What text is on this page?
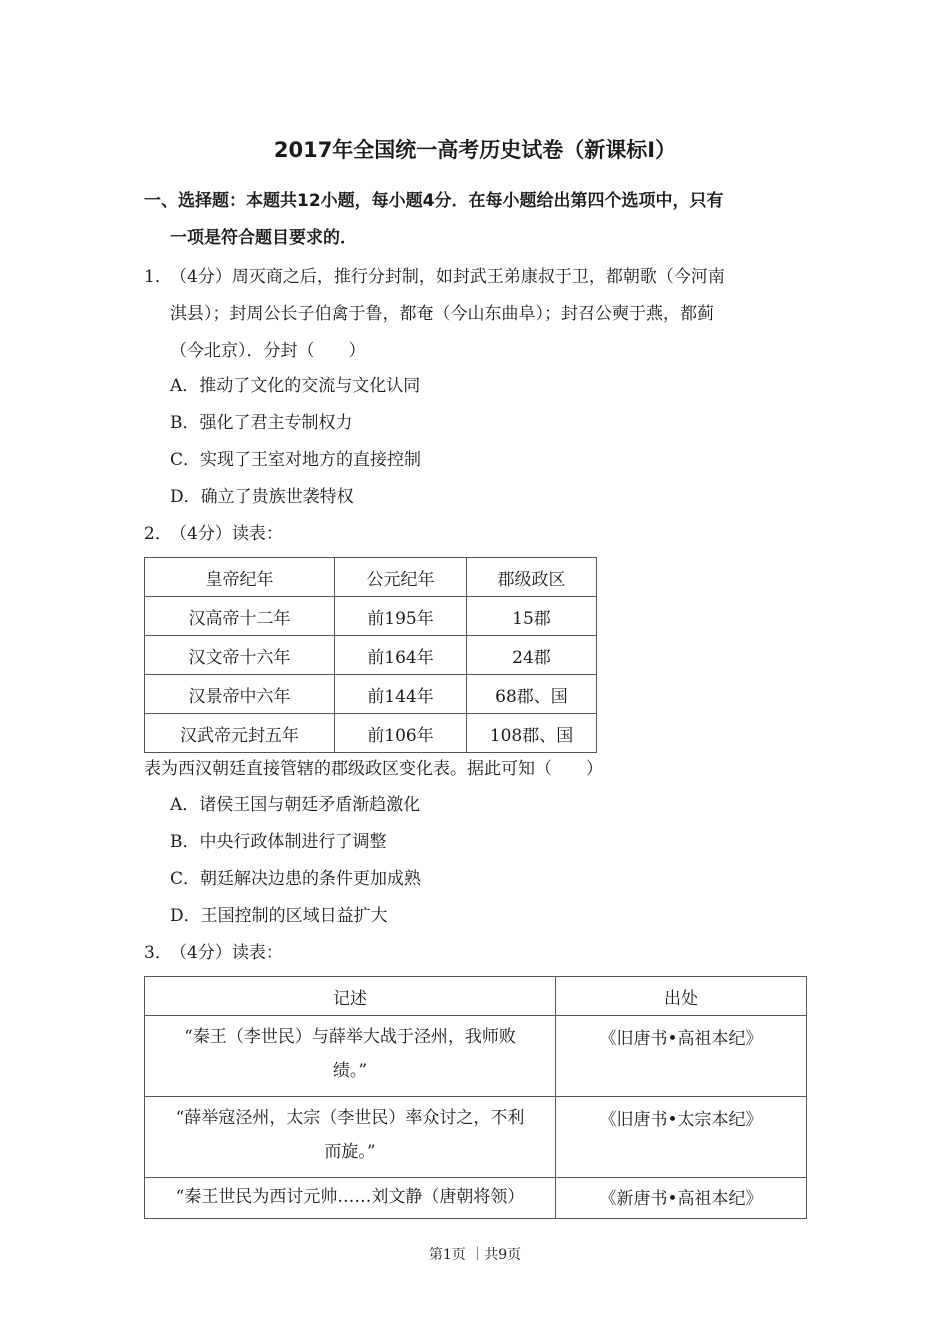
2017年全国统一高考历史试卷（新课标Ⅰ）
一、选择题：本题共12小题，每小题4分．在每小题给出第四个选项中，只有
一项是符合题目要求的．
1．
（4分）周灭商之后，推行分封制，如封武王弟康叔于卫，都朝歌（今河南
淇县）；封周公长子伯禽于鲁，都奄（今山东曲阜）；封召公奭于燕，都蓟
（今北京）．分封（　　）
A．推动了文化的交流与文化认同
B．强化了君主专制权力
C．实现了王室对地方的直接控制
D．确立了贵族世袭特权
2．
（4分）读表：
皇帝纪年	公元纪年	郡级政区
汉高帝十二年	前195年	15郡
汉文帝十六年	前164年	24郡
汉景帝中六年	前144年	68郡、国
汉武帝元封五年	前106年	108郡、国
表为西汉朝廷直接管辖的郡级政区变化表。据此可知（　　）
A．诸侯王国与朝廷矛盾渐趋激化
B．中央行政体制进行了调整
C．朝廷解决边患的条件更加成熟
D．王国控制的区域日益扩大
3．
（4分）读表：
记述	出处

“秦王（李世民）与薛举大战于泾州，我师败
绩。”	《旧唐书•高祖本纪》

“薛举寇泾州，太宗（李世民）率众讨之，不利
而旋。”	《旧唐书•太宗本纪》

“秦王世民为西讨元帅……刘文静（唐朝将领）	《新唐书•高祖本纪》
第1页 ｜共9页
